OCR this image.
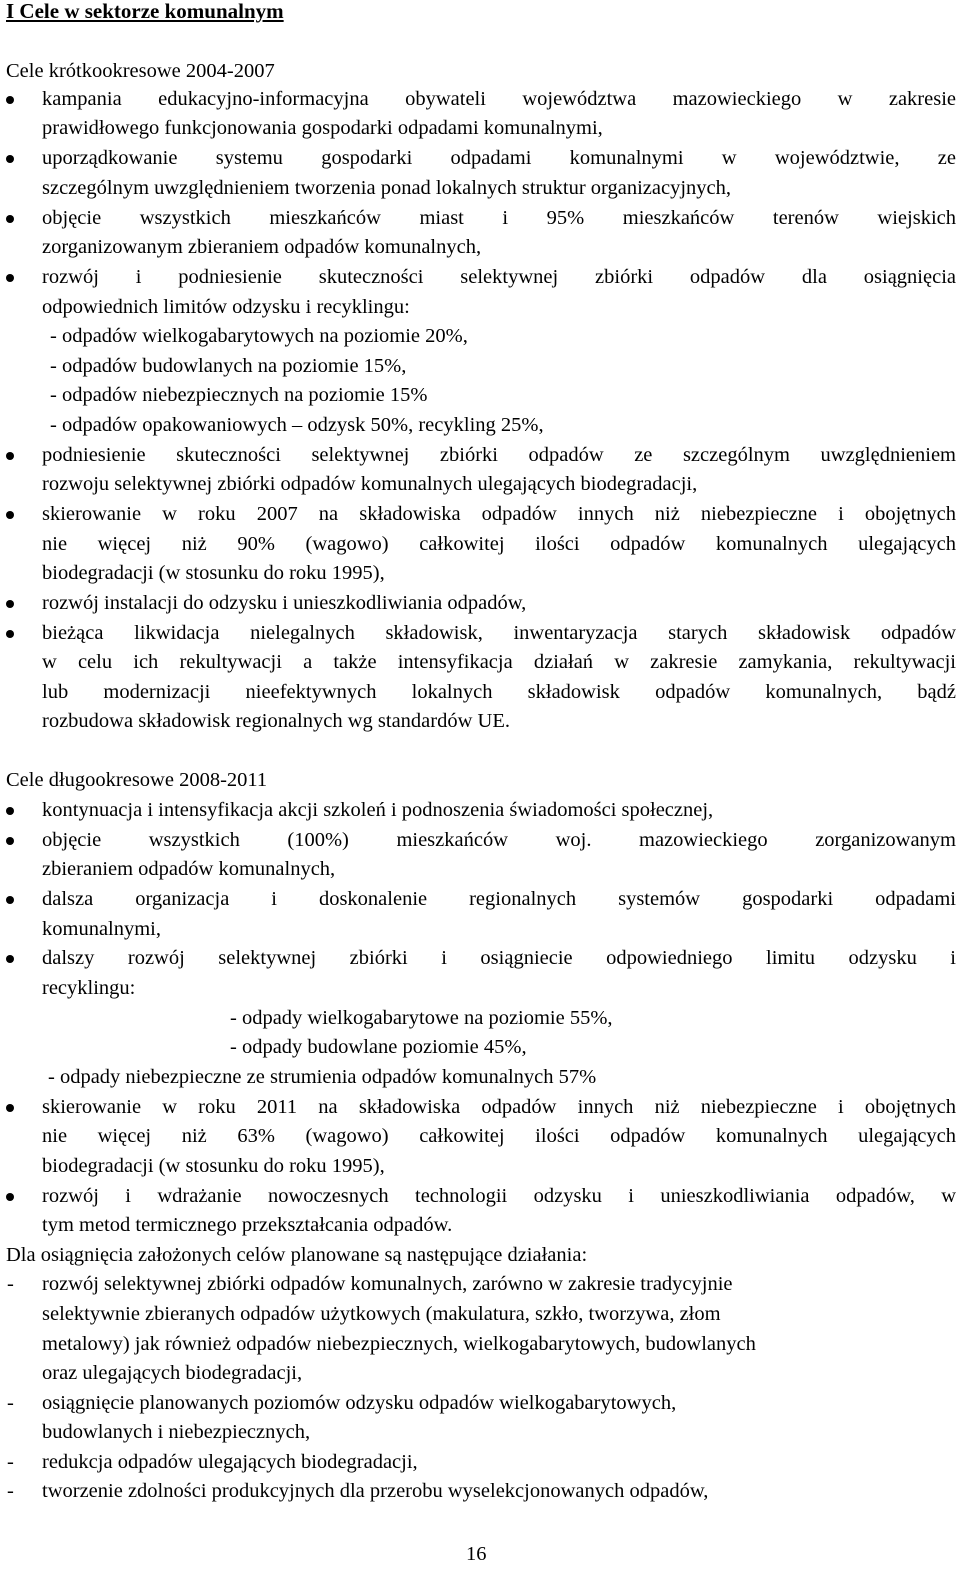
I Cele w sektorze komunalnym
Cele krótkookresowe 2004-2007
kampania edukacyjno-informacyjna obywateli województwa mazowieckiego w zakresie
prawidłowego funkcjonowania gospodarki odpadami komunalnymi,
uporządkowanie systemu gospodarki odpadami komunalnymi w województwie, ze
szczególnym uwzględnieniem tworzenia ponad lokalnych struktur organizacyjnych,
objęcie wszystkich mieszkańców miast i 95% mieszkańców terenów wiejskich
zorganizowanym zbieraniem odpadów komunalnych,
rozwój i podniesienie skuteczności selektywnej zbiórki odpadów dla osiągnięcia
odpowiednich limitów odzysku i recyklingu:
- odpadów wielkogabarytowych na poziomie 20%,
- odpadów budowlanych na poziomie 15%,
- odpadów niebezpiecznych na poziomie 15%
- odpadów opakowaniowych – odzysk 50%, recykling 25%,
podniesienie skuteczności selektywnej zbiórki odpadów ze szczególnym uwzględnieniem
rozwoju selektywnej zbiórki odpadów komunalnych ulegających biodegradacji,
skierowanie w roku 2007 na składowiska odpadów innych niż niebezpieczne i obojętnych
nie więcej niż 90% (wagowo) całkowitej ilości odpadów komunalnych ulegających
biodegradacji (w stosunku do roku 1995),
rozwój instalacji do odzysku i unieszkodliwiania odpadów,
bieżąca likwidacja nielegalnych składowisk, inwentaryzacja starych składowisk odpadów
w celu ich rekultywacji a także intensyfikacja działań w zakresie zamykania, rekultywacji
lub modernizacji nieefektywnych lokalnych składowisk odpadów komunalnych, bądź
rozbudowa składowisk regionalnych wg standardów UE.
Cele długookresowe 2008-2011
kontynuacja i intensyfikacja akcji szkoleń i podnoszenia świadomości społecznej,
objęcie wszystkich (100%) mieszkańców woj. mazowieckiego zorganizowanym
zbieraniem odpadów komunalnych,
dalsza organizacja i doskonalenie regionalnych systemów gospodarki odpadami
komunalnymi,
dalszy rozwój selektywnej zbiórki i osiągniecie odpowiedniego limitu odzysku i
recyklingu:
- odpady wielkogabarytowe na poziomie 55%,
- odpady budowlane poziomie 45%,
- odpady niebezpieczne ze strumienia odpadów komunalnych 57%
skierowanie w roku 2011 na składowiska odpadów innych niż niebezpieczne i obojętnych
nie więcej niż 63% (wagowo) całkowitej ilości odpadów komunalnych ulegających
biodegradacji (w stosunku do roku 1995),
rozwój i wdrażanie nowoczesnych technologii odzysku i unieszkodliwiania odpadów, w
tym metod termicznego przekształcania odpadów.
Dla osiągnięcia założonych celów planowane są następujące działania:
- rozwój selektywnej zbiórki odpadów komunalnych, zarówno w zakresie tradycyjnie
selektywnie zbieranych odpadów użytkowych (makulatura, szkło, tworzywa, złom
metalowy) jak również odpadów niebezpiecznych, wielkogabarytowych, budowlanych
oraz ulegających biodegradacji,
- osiągnięcie planowanych poziomów odzysku odpadów wielkogabarytowych,
budowlanych i niebezpiecznych,
- redukcja odpadów ulegających biodegradacji,
- tworzenie zdolności produkcyjnych dla przerobu wyselekcjonowanych odpadów,
16
